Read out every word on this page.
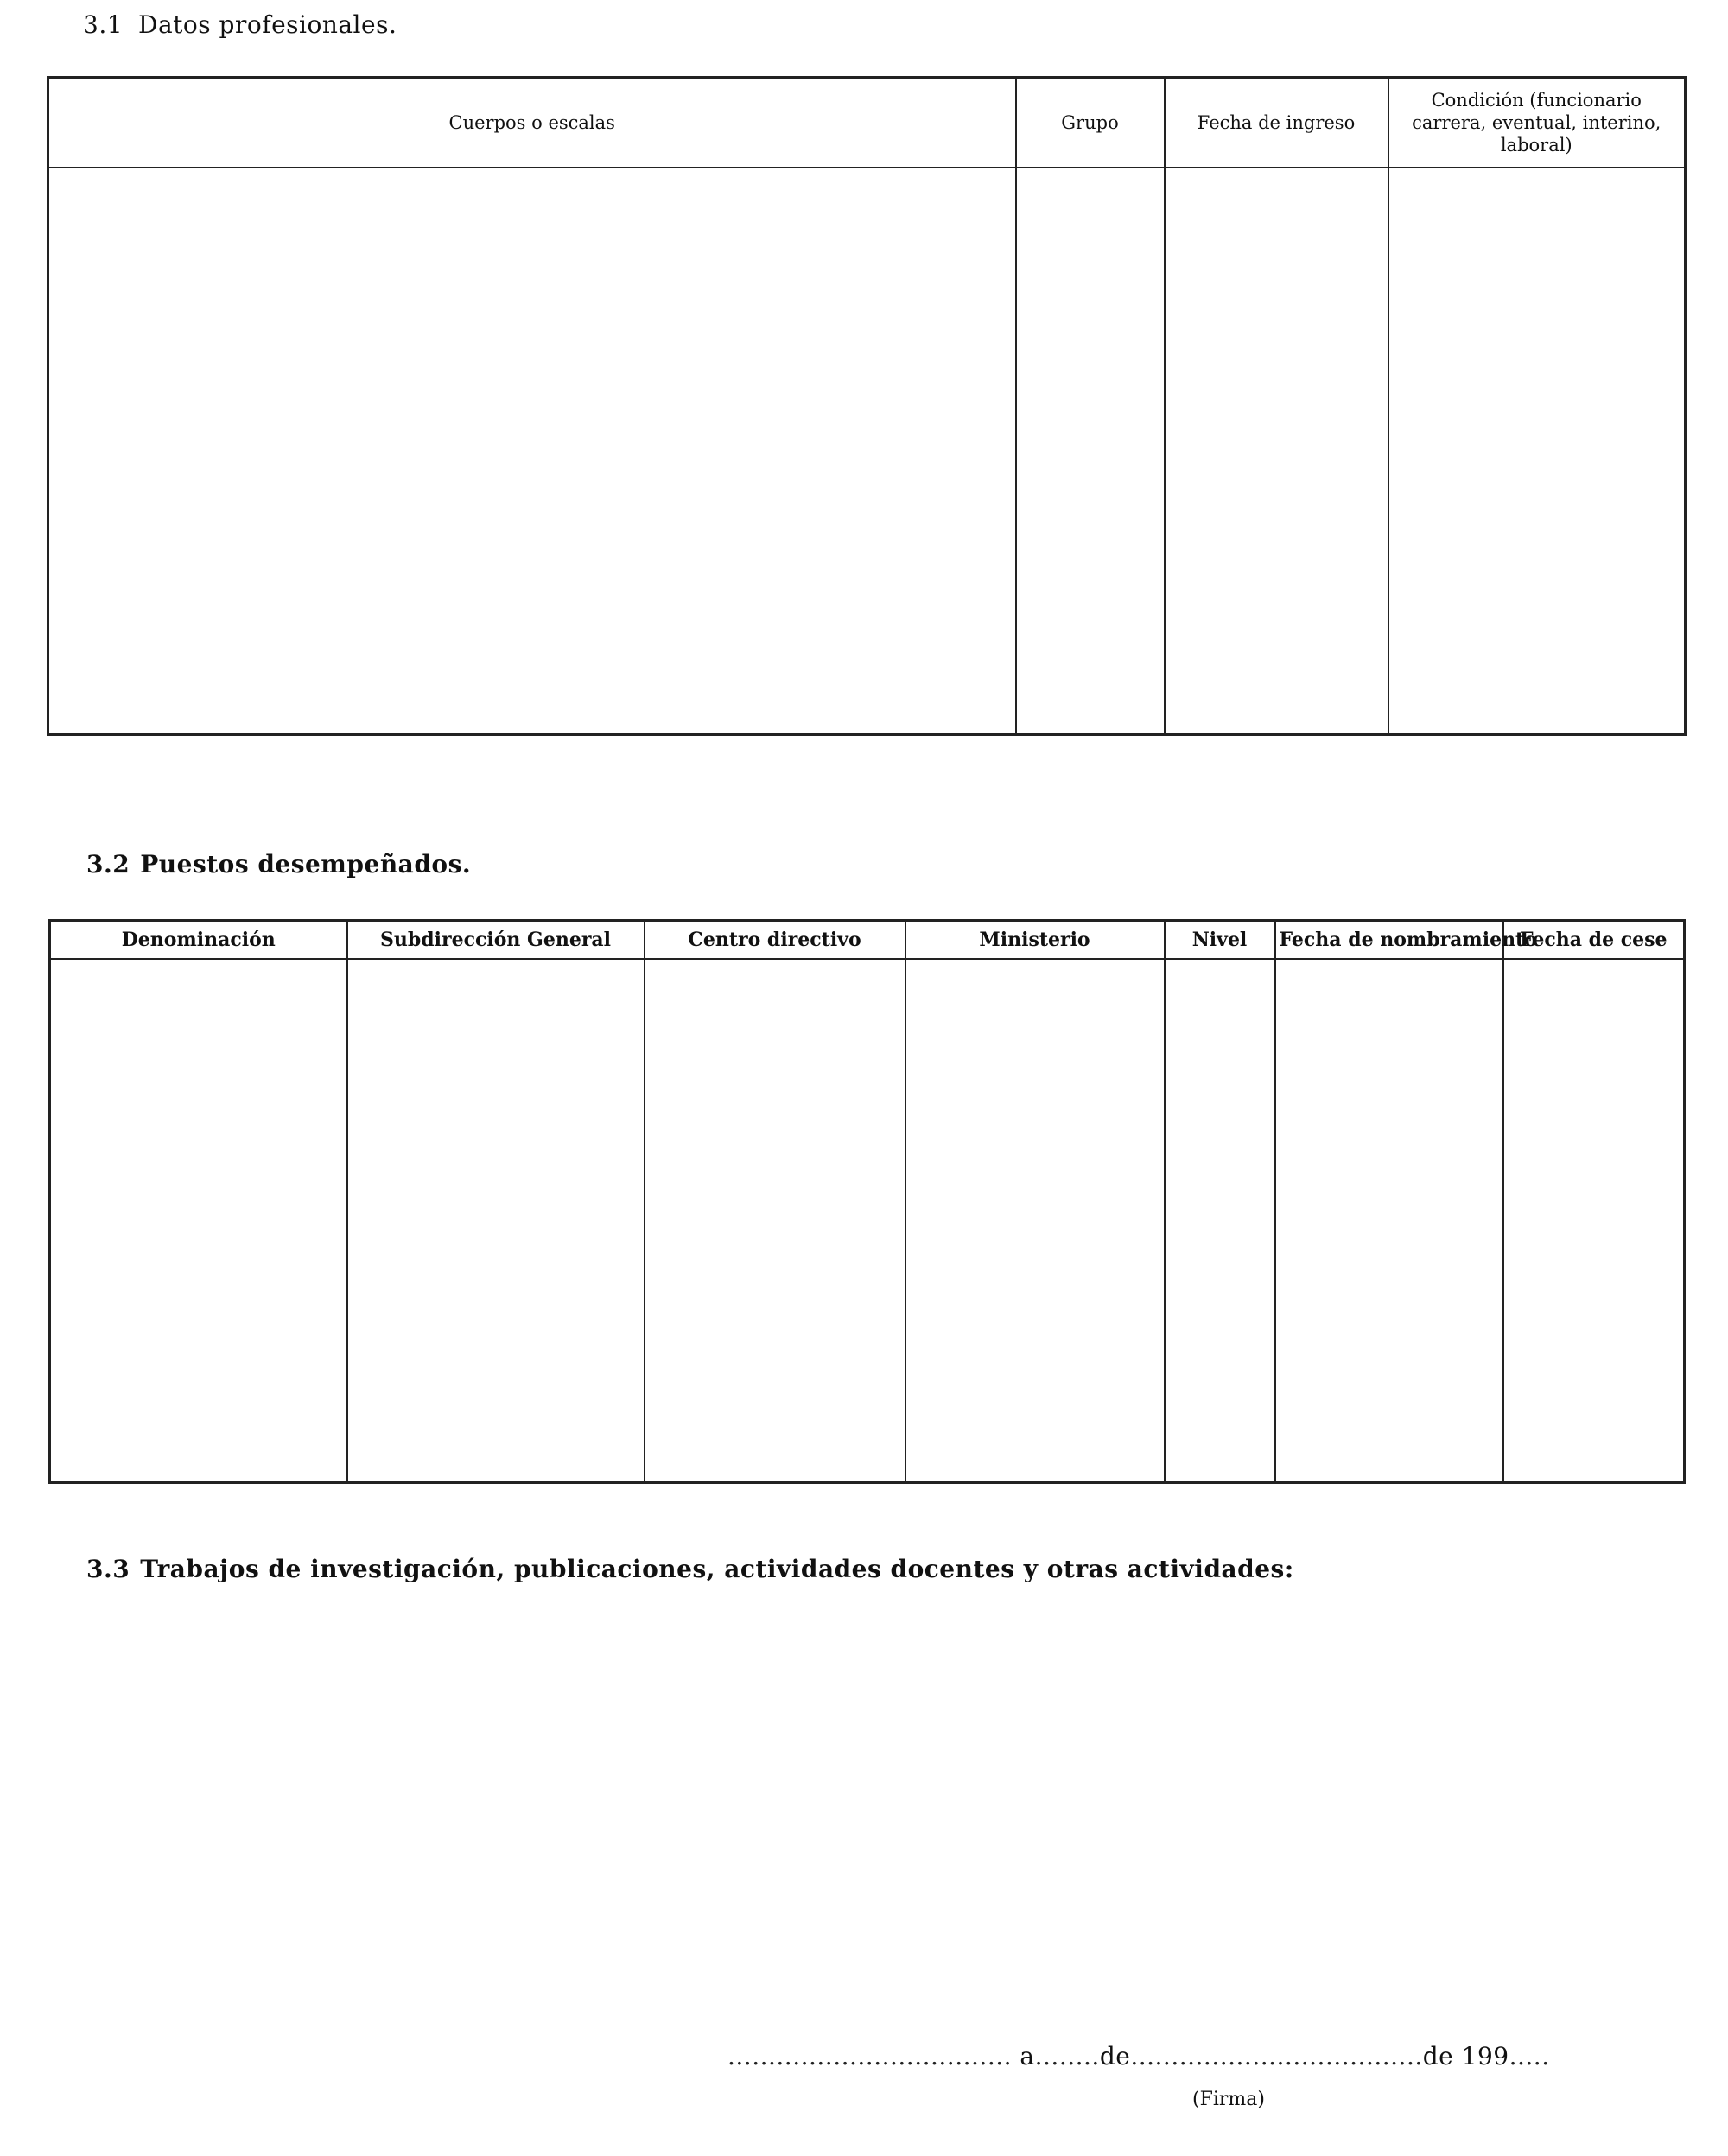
3.1 Datos profesionales.
Cuerpos o escalas	Grupo	Fecha de ingreso	Condición (funcionario carrera, eventual, interino, laboral)

3.2 Puestos desempeñados.
Denominación	Subdirección General	Centro directivo	Ministerio	Nivel	Fecha de nombramiento	Fecha de cese

3.3 Trabajos de investigación, publicaciones, actividades docentes y otras actividades:
................................... a........de....................................de 199.....
(Firma)
